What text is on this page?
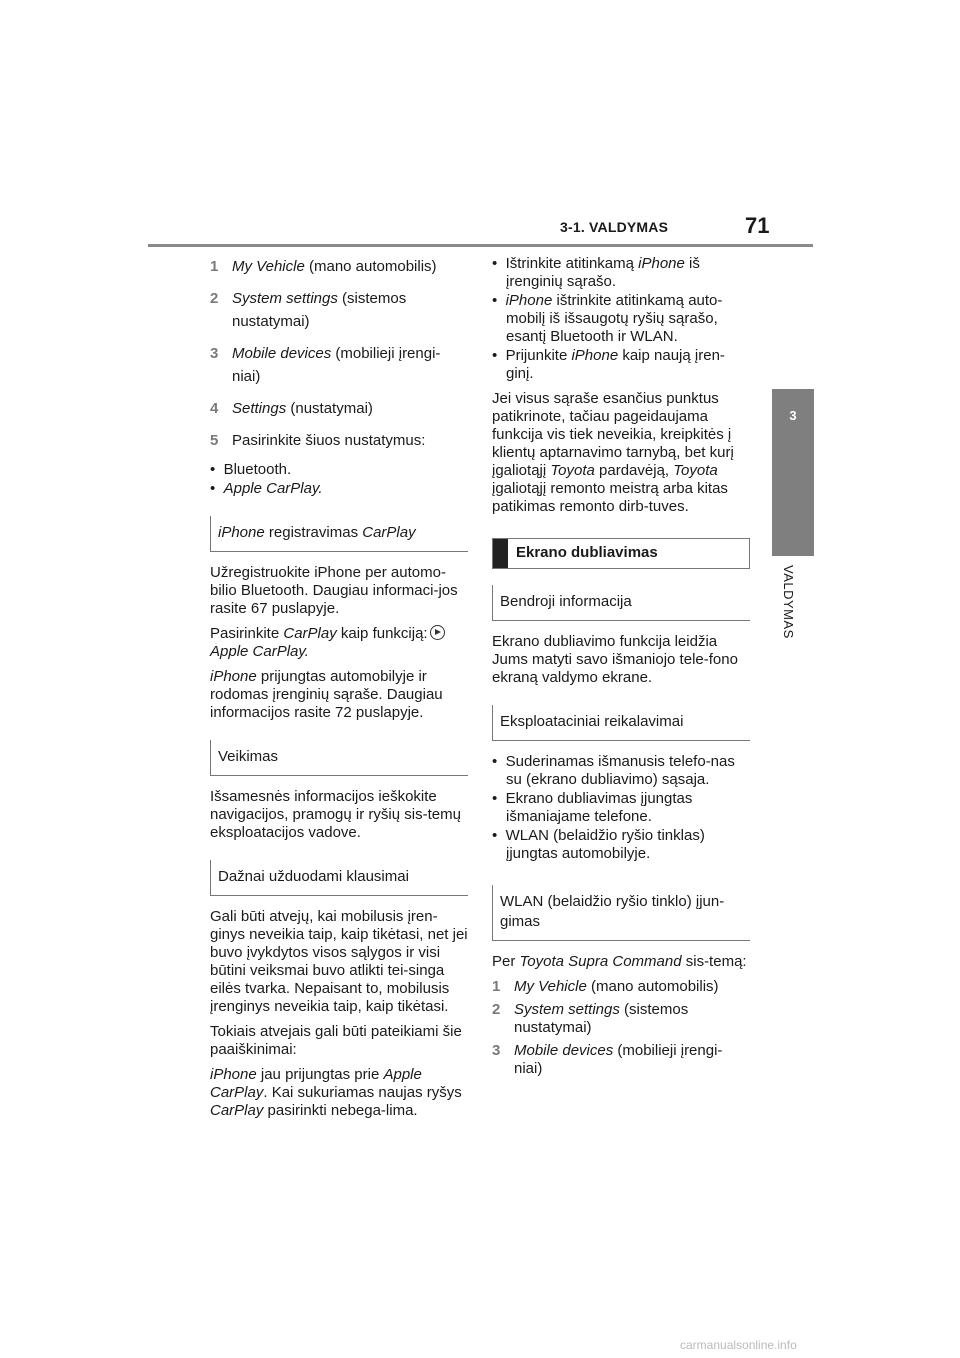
3-1. VALDYMAS	71
3
VALDYMAS
1 My Vehicle (mano automobilis)
2 System settings (sistemos nustatymai)
3 Mobile devices (mobilieji įrengi-niai)
4 Settings (nustatymai)
5 Pasirinkite šiuos nustatymus:
•  Bluetooth.
•  Apple CarPlay.
iPhone registravimas CarPlay

Užregistruokite iPhone per automo-bilio Bluetooth. Daugiau informaci-jos rasite 67 puslapyje.

Pasirinkite CarPlay kaip funkciją:
Apple CarPlay.

iPhone prijungtas automobilyje ir rodomas įrenginių sąraše. Daugiau informacijos rasite 72 puslapyje.

Veikimas

Išsamesnės informacijos ieškokite navigacijos, pramogų ir ryšių sis-temų eksploatacijos vadove.

Dažnai užduodami klausimai

Gali būti atvejų, kai mobilusis įren-ginys neveikia taip, kaip tikėtasi, net jei buvo įvykdytos visos sąlygos ir visi būtini veiksmai buvo atlikti tei-singa eilės tvarka. Nepaisant to, mobilusis įrenginys neveikia taip, kaip tikėtasi.

Tokiais atvejais gali būti pateikiami šie paaiškinimai:

iPhone jau prijungtas prie Apple CarPlay. Kai sukuriamas naujas ryšys CarPlay pasirinkti nebega-lima.

•  Ištrinkite atitinkamą iPhone iš įrenginių sąrašo.
•  iPhone ištrinkite atitinkamą auto-mobilį iš išsaugotų ryšių sąrašo, esantį Bluetooth ir WLAN.
•  Prijunkite iPhone kaip naują įren-ginį.

Jei visus sąraše esančius punktus patikrinote, tačiau pageidaujama funkcija vis tiek neveikia, kreipkitės į klientų aptarnavimo tarnybą, bet kurį įgaliotąjį Toyota pardavėją, Toyota įgaliotąjį remonto meistrą arba kitas patikimas remonto dirb-tuves.

Ekrano dubliavimas
Bendroji informacija

Ekrano dubliavimo funkcija leidžia Jums matyti savo išmaniojo tele-fono ekraną valdymo ekrane.

Eksploataciniai reikalavimai
•  Suderinamas išmanusis telefo-nas su (ekrano dubliavimo) sąsaja.
•  Ekrano dubliavimas įjungtas išmaniajame telefone.
•  WLAN (belaidžio ryšio tinklas) įjungtas automobilyje.
WLAN (belaidžio ryšio tinklo) įjun-gimas

Per Toyota Supra Command sis-temą:

1 My Vehicle (mano automobilis)
2 System settings (sistemos nustatymai)
3 Mobile devices (mobilieji įrengi-niai)
carmanualsonline.info
